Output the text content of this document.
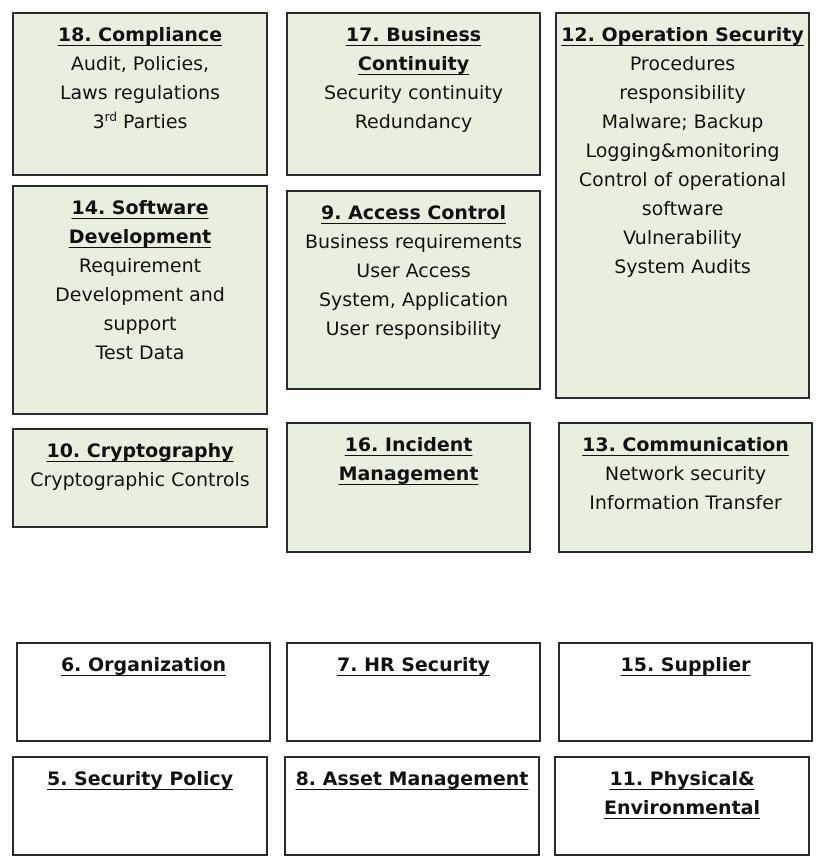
18. Compliance
Audit, Policies,
Laws regulations
3rd Parties
17. Business
Continuity
Security continuity
Redundancy
12. Operation Security
Procedures
responsibility
Malware; Backup
Logging&monitoring
Control of operational
software
Vulnerability
System Audits
14. Software
Development
Requirement
Development and
support
Test Data
9. Access Control
Business requirements
User Access
System, Application
User responsibility
10. Cryptography
Cryptographic Controls
16. Incident
Management
13. Communication
Network security
Information Transfer
6. Organization	7. HR Security	15. Supplier
5. Security Policy	8. Asset Management	11. Physical&
Environmental
